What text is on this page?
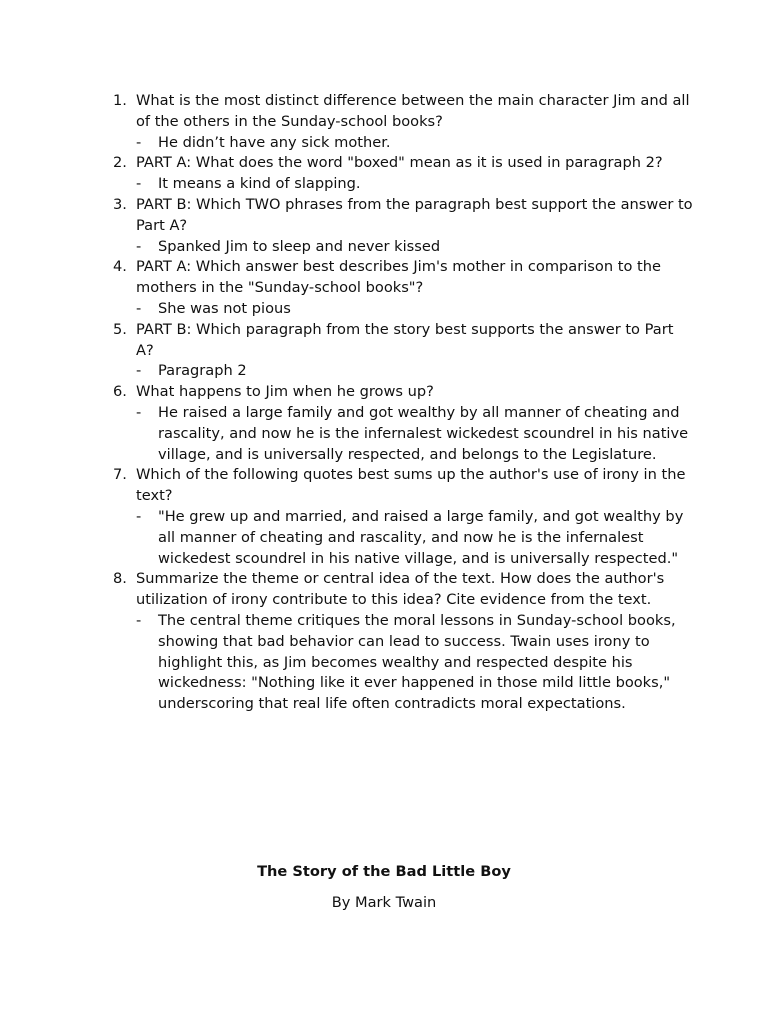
1. What is the most distinct difference between the main character Jim and all of the others in the Sunday-school books?
- He didn’t have any sick mother.
2. PART A: What does the word "boxed" mean as it is used in paragraph 2?
- It means a kind of slapping.
3. PART B: Which TWO phrases from the paragraph best support the answer to Part A?
- Spanked Jim to sleep and never kissed
4. PART A: Which answer best describes Jim's mother in comparison to the mothers in the "Sunday-school books"?
- She was not pious
5. PART B: Which paragraph from the story best supports the answer to Part A?
- Paragraph 2
6. What happens to Jim when he grows up?
- He raised a large family and got wealthy by all manner of cheating and rascality, and now he is the infernalest wickedest scoundrel in his native village, and is universally respected, and belongs to the Legislature.
7. Which of the following quotes best sums up the author's use of irony in the text?
- "He grew up and married, and raised a large family, and got wealthy by all manner of cheating and rascality, and now he is the infernalest wickedest scoundrel in his native village, and is universally respected."
8. Summarize the theme or central idea of the text. How does the author's utilization of irony contribute to this idea? Cite evidence from the text.
- The central theme critiques the moral lessons in Sunday-school books, showing that bad behavior can lead to success. Twain uses irony to highlight this, as Jim becomes wealthy and respected despite his wickedness: "Nothing like it ever happened in those mild little books," underscoring that real life often contradicts moral expectations.
The Story of the Bad Little Boy
By Mark Twain
